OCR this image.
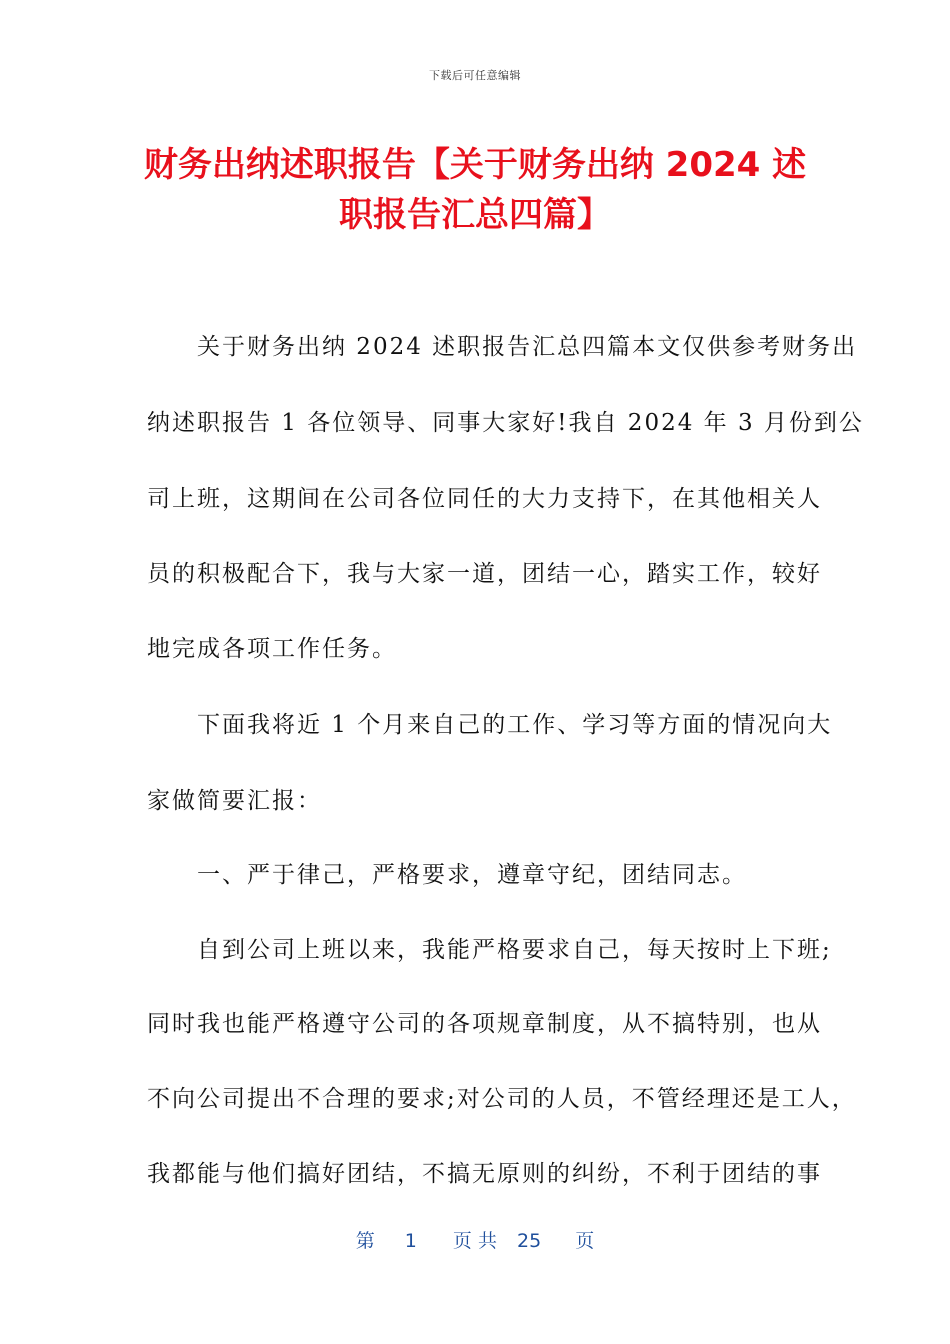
下载后可任意编辑
财务出纳述职报告【关于财务出纳 2024 述
职报告汇总四篇】
　　关于财务出纳 2024 述职报告汇总四篇本文仅供参考财务出
纳述职报告 1 各位领导、同事大家好!我自 2024 年 3 月份到公
司上班，这期间在公司各位同任的大力支持下，在其他相关人
员的积极配合下，我与大家一道，团结一心，踏实工作，较好
地完成各项工作任务。
　　下面我将近 1 个月来自己的工作、学习等方面的情况向大
家做简要汇报：
　　一、严于律己，严格要求，遵章守纪，团结同志。
　　自到公司上班以来，我能严格要求自己，每天按时上下班;
同时我也能严格遵守公司的各项规章制度，从不搞特别，也从
不向公司提出不合理的要求;对公司的人员，不管经理还是工人，
我都能与他们搞好团结，不搞无原则的纠纷，不利于团结的事
第 1 页 共 25 页
